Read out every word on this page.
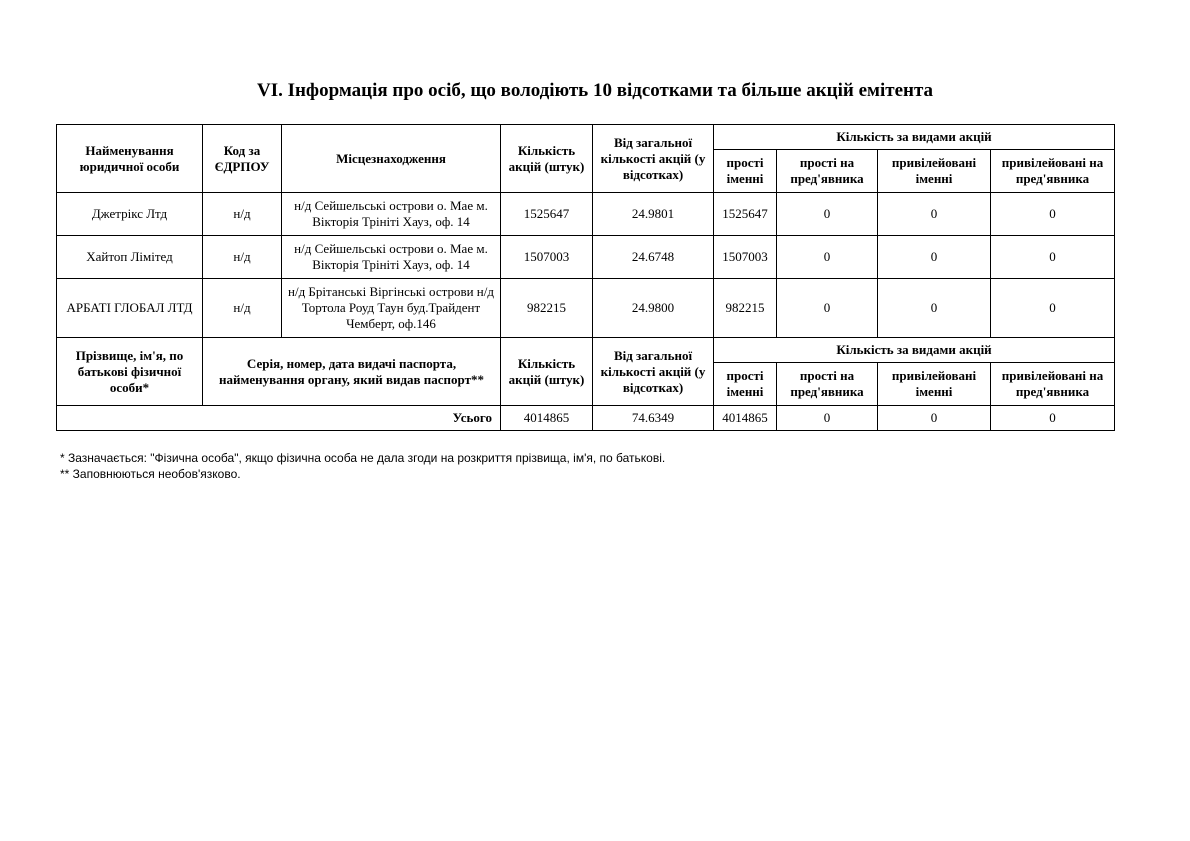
VI. Інформація про осіб, що володіють 10 відсотками та більше акцій емітента
Найменування юридичної особи	Код за ЄДРПОУ	Місцезнаходження	Кількість акцій (штук)	Від загальної кількості акцій (у відсотках)	Кількість за видами акцій			
					прості іменні	прості на пред'явника	привілейовані іменні	привілейовані на пред'явника
Джетрікс Лтд	н/д	н/д Сейшельські острови о. Мае м. Вікторія Трініті Хауз, оф. 14	1525647	24.9801	1525647	0	0	0
Хайтоп Лімітед	н/д	н/д Сейшельські острови о. Мае м. Вікторія Трініті Хауз, оф. 14	1507003	24.6748	1507003	0	0	0
АРБАТІ ГЛОБАЛ ЛТД	н/д	н/д Брітанські Віргінські острови н/д Тортола Роуд Таун буд.Трайдент Чемберт, оф.146	982215	24.9800	982215	0	0	0
Прізвище, ім'я, по батькові фізичної особи*	Серія, номер, дата видачі паспорта, найменування органу, який видав паспорт**		Кількість акцій (штук)	Від загальної кількості акцій (у відсотках)	Кількість за видами акцій			
					прості іменні	прості на пред'явника	привілейовані іменні	привілейовані на пред'явника
Усього			4014865	74.6349	4014865	0	0	0
* Зазначається: "Фізична особа", якщо фізична особа не дала згоди на розкриття прізвища, ім'я, по батькові.
** Заповнюються необов'язково.
